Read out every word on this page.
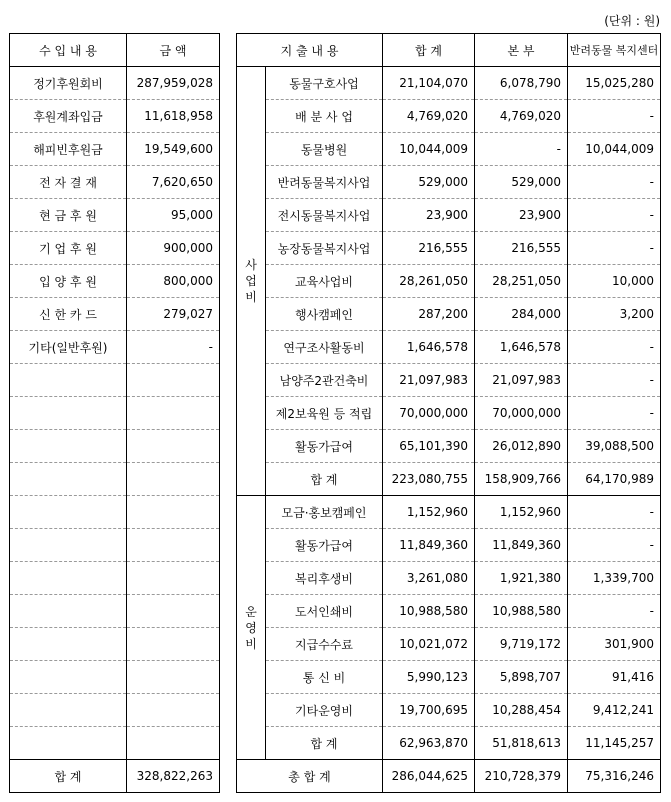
(단위 : 원)
수 입 내 용	금 액
정기후원회비	287,959,028
후원계좌입금	11,618,958
해피빈후원금	19,549,600
전 자 결 재	7,620,650
현 금 후 원	95,000
기 업 후 원	900,000
입 양 후 원	800,000
신 한 카 드	279,027
기타(일반후원)	-

합 계	328,822,263
지 출 내 용		합 계	본 부	반려동물 복지센터

사
업
비	동물구호사업	21,104,070	6,078,790	15,025,280
	배 분 사 업	4,769,020	4,769,020	-
	동물병원	10,044,009	-	10,044,009
	반려동물복지사업	529,000	529,000	-
	전시동물복지사업	23,900	23,900	-
	농장동물복지사업	216,555	216,555	-
	교육사업비	28,261,050	28,251,050	10,000
	행사캠페인	287,200	284,000	3,200
	연구조사활동비	1,646,578	1,646,578	-
	남양주2관건축비	21,097,983	21,097,983	-
	제2보육원 등 적립	70,000,000	70,000,000	-
	활동가급여	65,101,390	26,012,890	39,088,500
	합 계	223,080,755	158,909,766	64,170,989

운
영
비	모금·홍보캠페인	1,152,960	1,152,960	-
	활동가급여	11,849,360	11,849,360	-
	복리후생비	3,261,080	1,921,380	1,339,700
	도서인쇄비	10,988,580	10,988,580	-
	지급수수료	10,021,072	9,719,172	301,900
	통 신 비	5,990,123	5,898,707	91,416
	기타운영비	19,700,695	10,288,454	9,412,241
	합 계	62,963,870	51,818,613	11,145,257
총 합 계		286,044,625	210,728,379	75,316,246
